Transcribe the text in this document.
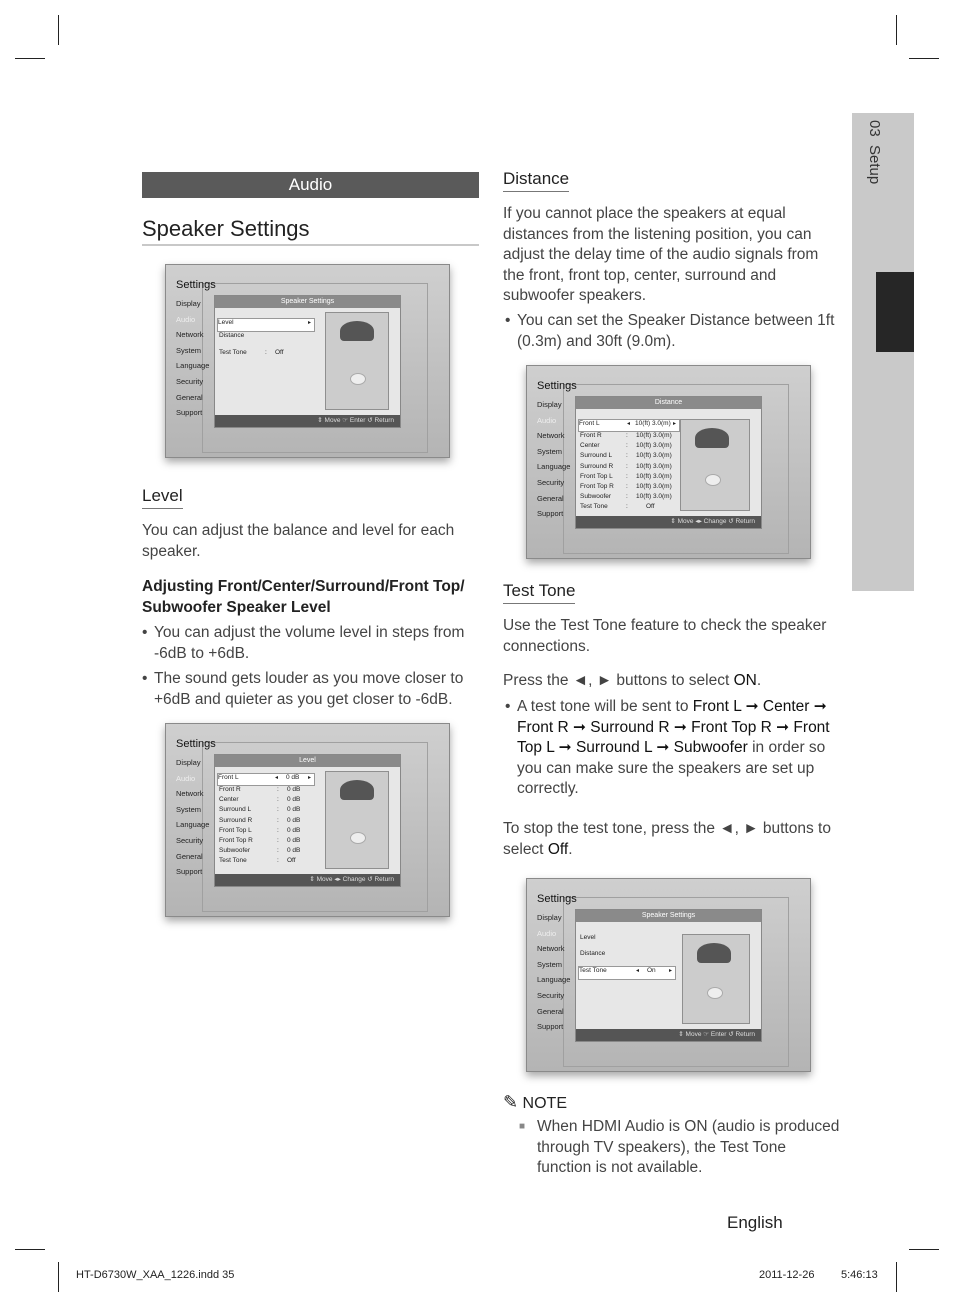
03  Setup
Audio
Speaker Settings
Settings
Display
Audio
Network
System
Language
Security
General
Support
Speaker Settings
Level	▸
Distance
Test Tone	: Off
⇕ Move ☞ Enter ↺ Return
Level

You can adjust the balance and level for each speaker.

Adjusting Front/Center/Surround/Front Top/ Subwoofer Speaker Level
• You can adjust the volume level in steps from -6dB to +6dB.
• The sound gets louder as you move closer to +6dB and quieter as you get closer to -6dB.
Settings
Display
Audio
Network
System
Language
Security
General
Support
Level
Front L	◂ 0 dB ▸
Front R	: 0 dB
Center	: 0 dB
Surround L	: 0 dB
Surround R	: 0 dB
Front Top L	: 0 dB
Front Top R	: 0 dB
Subwoofer	: 0 dB
Test Tone	: Off
⇕ Move ◂▸ Change ↺ Return
Distance

If you cannot place the speakers at equal distances from the listening position, you can adjust the delay time of the audio signals from the front, front top, center, surround and subwoofer speakers.

• You can set the Speaker Distance between 1ft (0.3m) and 30ft (9.0m).
Settings
Display
Audio
Network
System
Language
Security
General
Support
Distance
Front L	◂ 10(ft) 3.0(m) ▸
Front R	: 10(ft) 3.0(m)
Center	: 10(ft) 3.0(m)
Surround L : 10(ft) 3.0(m)
Surround R : 10(ft) 3.0(m)
Front Top L : 10(ft) 3.0(m)
Front Top R : 10(ft) 3.0(m)
Subwoofer : 10(ft) 3.0(m)
Test Tone	:	Off
⇕ Move ◂▸ Change ↺ Return
Test Tone

Use the Test Tone feature to check the speaker connections.

Press the ◄, ► buttons to select ON.

• A test tone will be sent to Front L ➞ Center ➞ Front R ➞ Surround R ➞ Front Top R ➞ Front Top L ➞ Surround L ➞ Subwoofer in order so you can make sure the speakers are set up correctly.

To stop the test tone, press the ◄, ► buttons to select Off.

Settings
Display
Audio
Network
System
Language
Security
General
Support
Speaker Settings
Level
Distance
Test Tone	◂ On ▸
⇕ Move ☞ Enter ↺ Return
✎ NOTE
■ When HDMI Audio is ON (audio is produced through TV speakers), the Test Tone function is not available.
English
HT-D6730W_XAA_1226.indd 35	2011-12-26 5:46:13
